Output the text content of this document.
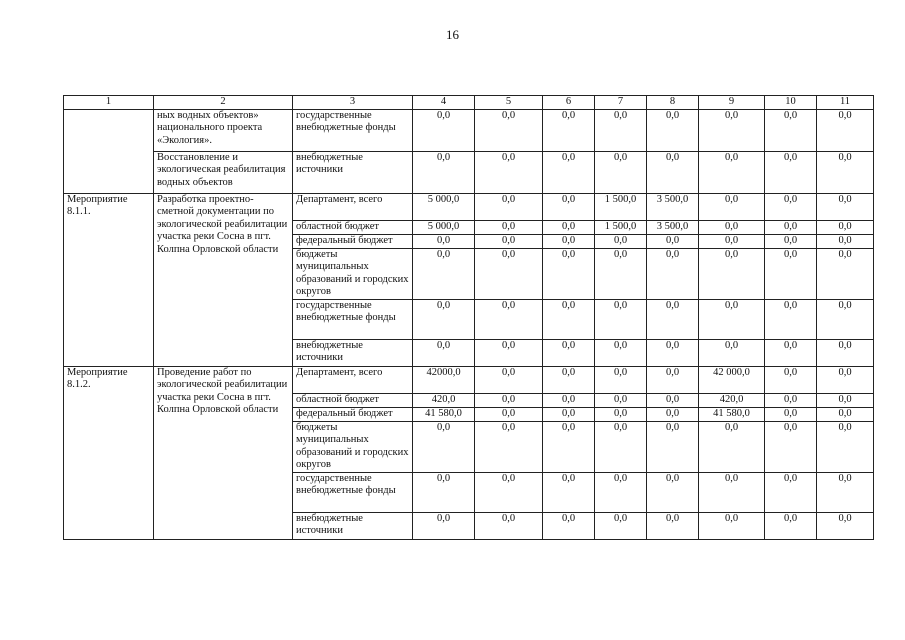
16
1	2	3	4	5	6	7	8	9	10	11
	ных водных объектов» национального проекта «Экология».	государственные внебюджетные фонды	0,0	0,0	0,0	0,0	0,0	0,0	0,0	0,0
	Восстановление и экологическая реабилитация водных объектов	внебюджетные источники	0,0	0,0	0,0	0,0	0,0	0,0	0,0	0,0
Мероприятие 8.1.1.	Разработка проектно-сметной документации по экологической реабилитации участка реки Сосна в пгт. Колпна Орловской области	Департамент, всего	5 000,0	0,0	0,0	1 500,0	3 500,0	0,0	0,0	0,0
		областной бюджет	5 000,0	0,0	0,0	1 500,0	3 500,0	0,0	0,0	0,0
		федеральный бюджет	0,0	0,0	0,0	0,0	0,0	0,0	0,0	0,0
		бюджеты муниципальных образований и городских округов	0,0	0,0	0,0	0,0	0,0	0,0	0,0	0,0
		государственные внебюджетные фонды	0,0	0,0	0,0	0,0	0,0	0,0	0,0	0,0
		внебюджетные источники	0,0	0,0	0,0	0,0	0,0	0,0	0,0	0,0
Мероприятие 8.1.2.	Проведение работ по экологической реабилитации участка реки Сосна в пгт. Колпна Орловской области	Департамент, всего	42000,0	0,0	0,0	0,0	0,0	42 000,0	0,0	0,0
		областной бюджет	420,0	0,0	0,0	0,0	0,0	420,0	0,0	0,0
		федеральный бюджет	41 580,0	0,0	0,0	0,0	0,0	41 580,0	0,0	0,0
		бюджеты муниципальных образований и городских округов	0,0	0,0	0,0	0,0	0,0	0,0	0,0	0,0
		государственные внебюджетные фонды	0,0	0,0	0,0	0,0	0,0	0,0	0,0	0,0
		внебюджетные источники	0,0	0,0	0,0	0,0	0,0	0,0	0,0	0,0
